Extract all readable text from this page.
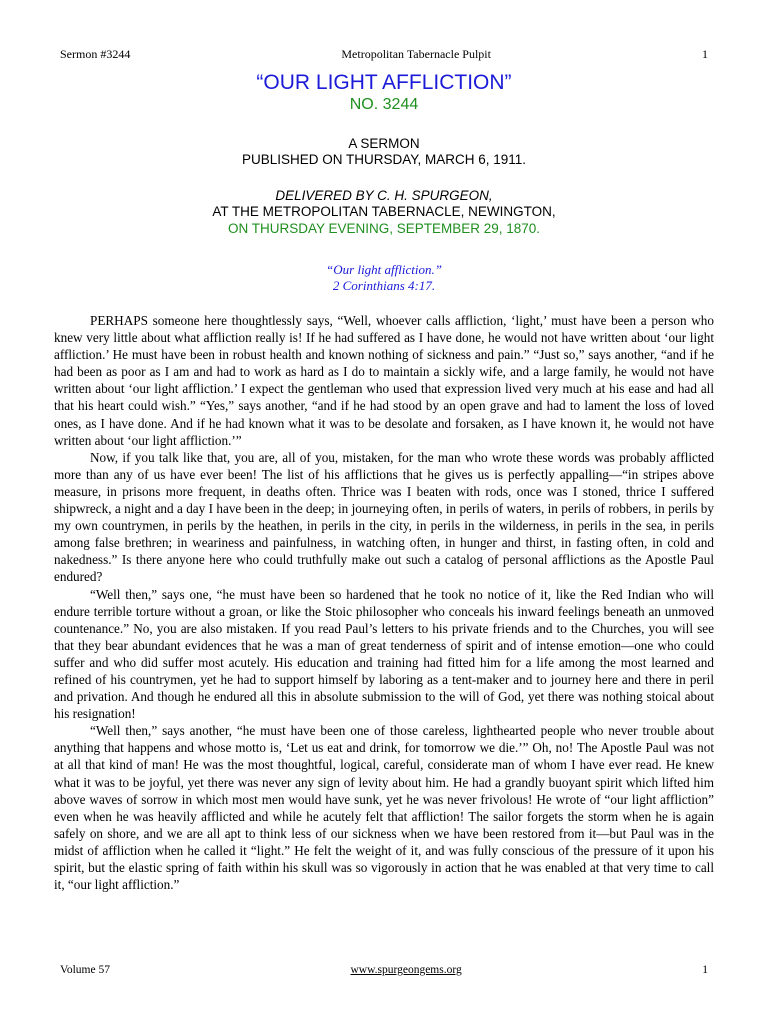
Sermon #3244	Metropolitan Tabernacle Pulpit	1
“OUR LIGHT AFFLICTION”
NO. 3244
A SERMON
PUBLISHED ON THURSDAY, MARCH 6, 1911.
DELIVERED BY C. H. SPURGEON,
AT THE METROPOLITAN TABERNACLE, NEWINGTON,
ON THURSDAY EVENING, SEPTEMBER 29, 1870.
“Our light affliction.”
2 Corinthians 4:17.

PERHAPS someone here thoughtlessly says, “Well, whoever calls affliction, ‘light,’ must have been a person who knew very little about what affliction really is! If he had suffered as I have done, he would not have written about ‘our light affliction.’ He must have been in robust health and known nothing of sickness and pain.” “Just so,” says another, “and if he had been as poor as I am and had to work as hard as I do to maintain a sickly wife, and a large family, he would not have written about ‘our light affliction.’ I expect the gentleman who used that expression lived very much at his ease and had all that his heart could wish.” “Yes,” says another, “and if he had stood by an open grave and had to lament the loss of loved ones, as I have done. And if he had known what it was to be desolate and forsaken, as I have known it, he would not have written about ‘our light affliction.’”

Now, if you talk like that, you are, all of you, mistaken, for the man who wrote these words was probably afflicted more than any of us have ever been! The list of his afflictions that he gives us is perfectly appalling—“in stripes above measure, in prisons more frequent, in deaths often. Thrice was I beaten with rods, once was I stoned, thrice I suffered shipwreck, a night and a day I have been in the deep; in journeying often, in perils of waters, in perils of robbers, in perils by my own countrymen, in perils by the heathen, in perils in the city, in perils in the wilderness, in perils in the sea, in perils among false brethren; in weariness and painfulness, in watching often, in hunger and thirst, in fasting often, in cold and nakedness.” Is there anyone here who could truthfully make out such a catalog of personal afflictions as the Apostle Paul endured?

“Well then,” says one, “he must have been so hardened that he took no notice of it, like the Red Indian who will endure terrible torture without a groan, or like the Stoic philosopher who conceals his inward feelings beneath an unmoved countenance.” No, you are also mistaken. If you read Paul’s letters to his private friends and to the Churches, you will see that they bear abundant evidences that he was a man of great tenderness of spirit and of intense emotion—one who could suffer and who did suffer most acutely. His education and training had fitted him for a life among the most learned and refined of his countrymen, yet he had to support himself by laboring as a tent-maker and to journey here and there in peril and privation. And though he endured all this in absolute submission to the will of God, yet there was nothing stoical about his resignation!

“Well then,” says another, “he must have been one of those careless, lighthearted people who never trouble about anything that happens and whose motto is, ‘Let us eat and drink, for tomorrow we die.’” Oh, no! The Apostle Paul was not at all that kind of man! He was the most thoughtful, logical, careful, considerate man of whom I have ever read. He knew what it was to be joyful, yet there was never any sign of levity about him. He had a grandly buoyant spirit which lifted him above waves of sorrow in which most men would have sunk, yet he was never frivolous! He wrote of “our light affliction” even when he was heavily afflicted and while he acutely felt that affliction! The sailor forgets the storm when he is again safely on shore, and we are all apt to think less of our sickness when we have been restored from it—but Paul was in the midst of affliction when he called it “light.” He felt the weight of it, and was fully conscious of the pressure of it upon his spirit, but the elastic spring of faith within his skull was so vigorously in action that he was enabled at that very time to call it, “our light affliction.”

Volume 57	www.spurgeongems.org	1
